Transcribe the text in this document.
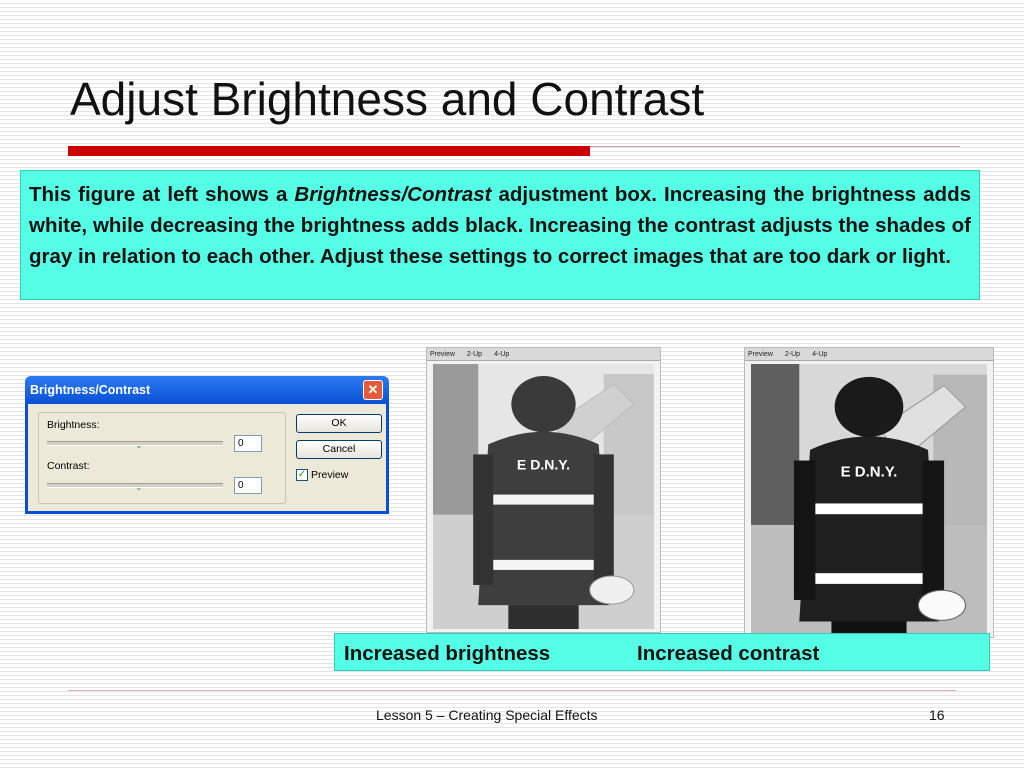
Adjust Brightness and Contrast
This figure at left shows a Brightness/Contrast adjustment box. Increasing the brightness adds white, while decreasing the brightness adds black. Increasing the contrast adjusts the shades of gray in relation to each other. Adjust these settings to correct images that are too dark or light.
Brightness/Contrast	✕
Brightness:
⌄	0
Contrast:
⌄	0
OK
Cancel
✓ Preview
Preview 2-Up 4-Up
E D.N.Y.
Preview 2-Up 4-Up
E D.N.Y.
Increased brightness	Increased contrast
Lesson 5 – Creating Special Effects	16
